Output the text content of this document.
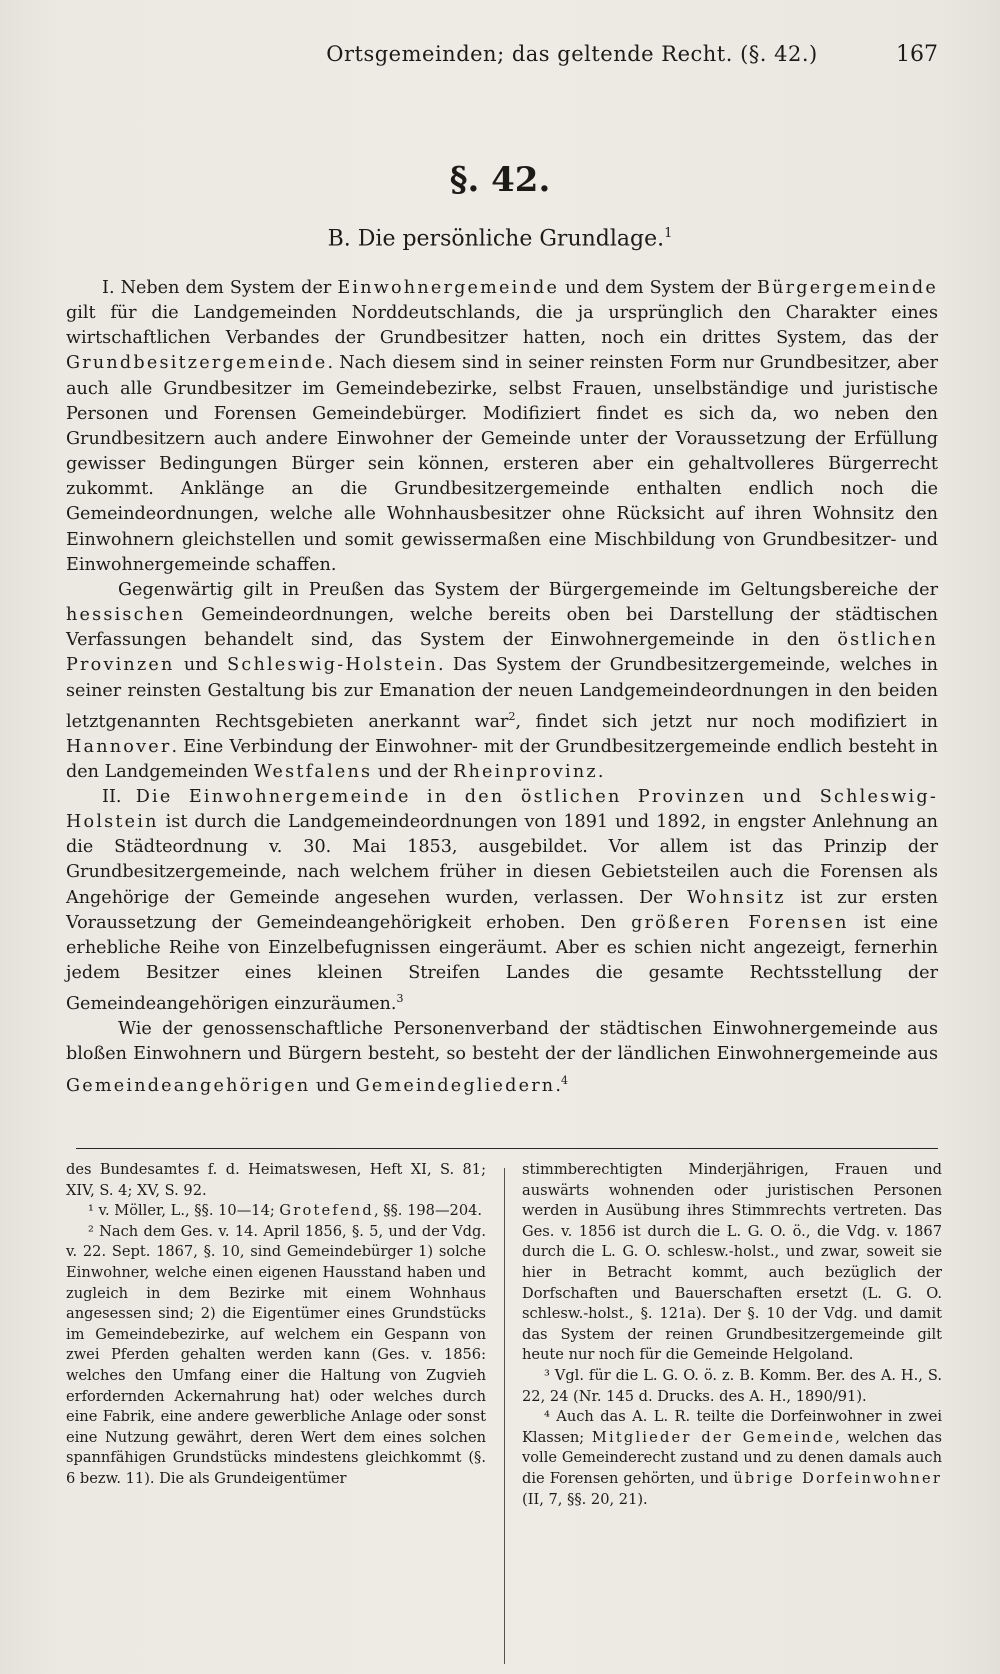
Ortsgemeinden; das geltende Recht. (§. 42.)	167
§. 42.
B. Die persönliche Grundlage.$^1$

I. Neben dem System der Einwohnergemeinde und dem System der Bürgergemeinde gilt für die Landgemeinden Norddeutschlands, die ja ursprünglich den Charakter eines wirtschaftlichen Verbandes der Grundbesitzer hatten, noch ein drittes System, das der Grundbesitzergemeinde. Nach diesem sind in seiner reinsten Form nur Grundbesitzer, aber auch alle Grundbesitzer im Gemeindebezirke, selbst Frauen, unselbständige und juristische Personen und Forensen Gemeindebürger. Modifiziert findet es sich da, wo neben den Grundbesitzern auch andere Einwohner der Gemeinde unter der Voraussetzung der Erfüllung gewisser Bedingungen Bürger sein können, ersteren aber ein gehaltvolleres Bürgerrecht zukommt. Anklänge an die Grundbesitzergemeinde enthalten endlich noch die Gemeindeordnungen, welche alle Wohnhausbesitzer ohne Rücksicht auf ihren Wohnsitz den Einwohnern gleichstellen und somit gewissermaßen eine Mischbildung von Grundbesitzer- und Einwohnergemeinde schaffen.

Gegenwärtig gilt in Preußen das System der Bürgergemeinde im Geltungsbereiche der hessischen Gemeindeordnungen, welche bereits oben bei Darstellung der städtischen Verfassungen behandelt sind, das System der Einwohnergemeinde in den östlichen Provinzen und Schleswig-Holstein. Das System der Grundbesitzergemeinde, welches in seiner reinsten Gestaltung bis zur Emanation der neuen Landgemeindeordnungen in den beiden letztgenannten Rechtsgebieten anerkannt war$^2$, findet sich jetzt nur noch modifiziert in Hannover. Eine Verbindung der Einwohner- mit der Grundbesitzergemeinde endlich besteht in den Landgemeinden Westfalens und der Rheinprovinz.

II. Die Einwohnergemeinde in den östlichen Provinzen und Schleswig-Holstein ist durch die Landgemeindeordnungen von 1891 und 1892, in engster Anlehnung an die Städteordnung v. 30. Mai 1853, ausgebildet. Vor allem ist das Prinzip der Grundbesitzergemeinde, nach welchem früher in diesen Gebietsteilen auch die Forensen als Angehörige der Gemeinde angesehen wurden, verlassen. Der Wohnsitz ist zur ersten Voraussetzung der Gemeindeangehörigkeit erhoben. Den größeren Forensen ist eine erhebliche Reihe von Einzelbefugnissen eingeräumt. Aber es schien nicht angezeigt, fernerhin jedem Besitzer eines kleinen Streifen Landes die gesamte Rechtsstellung der Gemeindeangehörigen einzuräumen.$^3$

Wie der genossenschaftliche Personenverband der städtischen Einwohnergemeinde aus bloßen Einwohnern und Bürgern besteht, so besteht der der ländlichen Einwohnergemeinde aus Gemeindeangehörigen und Gemeindegliedern.$^4$

des Bundesamtes f. d. Heimatswesen, Heft XI, S. 81; XIV, S. 4; XV, S. 92.

¹ v. Möller, L., §§. 10—14; Grotefend, §§. 198—204.

² Nach dem Ges. v. 14. April 1856, §. 5, und der Vdg. v. 22. Sept. 1867, §. 10, sind Gemeindebürger 1) solche Einwohner, welche einen eigenen Hausstand haben und zugleich in dem Bezirke mit einem Wohnhaus angesessen sind; 2) die Eigentümer eines Grundstücks im Gemeindebezirke, auf welchem ein Gespann von zwei Pferden gehalten werden kann (Ges. v. 1856: welches den Umfang einer die Haltung von Zugvieh erfordernden Ackernahrung hat) oder welches durch eine Fabrik, eine andere gewerbliche Anlage oder sonst eine Nutzung gewährt, deren Wert dem eines solchen spannfähigen Grundstücks mindestens gleichkommt (§. 6 bezw. 11). Die als Grundeigentümer

stimmberechtigten Minderjährigen, Frauen und auswärts wohnenden oder juristischen Personen werden in Ausübung ihres Stimmrechts vertreten. Das Ges. v. 1856 ist durch die L. G. O. ö., die Vdg. v. 1867 durch die L. G. O. schlesw.-holst., und zwar, soweit sie hier in Betracht kommt, auch bezüglich der Dorfschaften und Bauerschaften ersetzt (L. G. O. schlesw.-holst., §. 121a). Der §. 10 der Vdg. und damit das System der reinen Grundbesitzergemeinde gilt heute nur noch für die Gemeinde Helgoland.

³ Vgl. für die L. G. O. ö. z. B. Komm. Ber. des A. H., S. 22, 24 (Nr. 145 d. Drucks. des A. H., 1890/91).

⁴ Auch das A. L. R. teilte die Dorfeinwohner in zwei Klassen; Mitglieder der Gemeinde, welchen das volle Gemeinderecht zustand und zu denen damals auch die Forensen gehörten, und übrige Dorfeinwohner (II, 7, §§. 20, 21).
